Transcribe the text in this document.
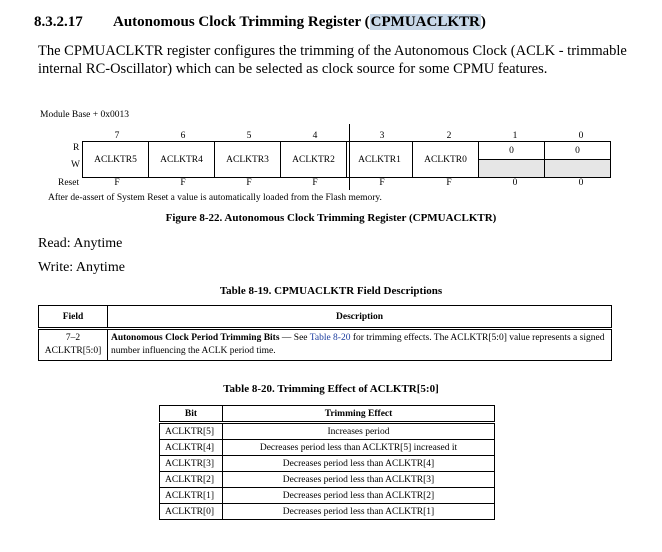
8.3.2.17 Autonomous Clock Trimming Register (CPMUACLKTR)
The CPMUACLKTR register configures the trimming of the Autonomous Clock (ACLK - trimmable internal RC-Oscillator) which can be selected as clock source for some CPMU features.
Module Base + 0x0013
7	6	5	4	3	2	1	0
R
W
ACLKTR5	ACLKTR4	ACLKTR3	ACLKTR2	ACLKTR1	ACLKTR0	0	0

Reset	F	F	F	F	F	F	0	0
After de-assert of System Reset a value is automatically loaded from the Flash memory.
Figure 8-22. Autonomous Clock Trimming Register (CPMUACLKTR)
Read: Anytime
Write: Anytime
Table 8-19. CPMUACLKTR Field Descriptions
Field	Description

7–2
ACLKTR[5:0]	Autonomous Clock Period Trimming Bits — See Table 8-20 for trimming effects. The ACLKTR[5:0] value represents a signed number influencing the ACLK period time.
Table 8-20. Trimming Effect of ACLKTR[5:0]
Bit	Trimming Effect
ACLKTR[5]	Increases period
ACLKTR[4]	Decreases period less than ACLKTR[5] increased it
ACLKTR[3]	Decreases period less than ACLKTR[4]
ACLKTR[2]	Decreases period less than ACLKTR[3]
ACLKTR[1]	Decreases period less than ACLKTR[2]
ACLKTR[0]	Decreases period less than ACLKTR[1]
